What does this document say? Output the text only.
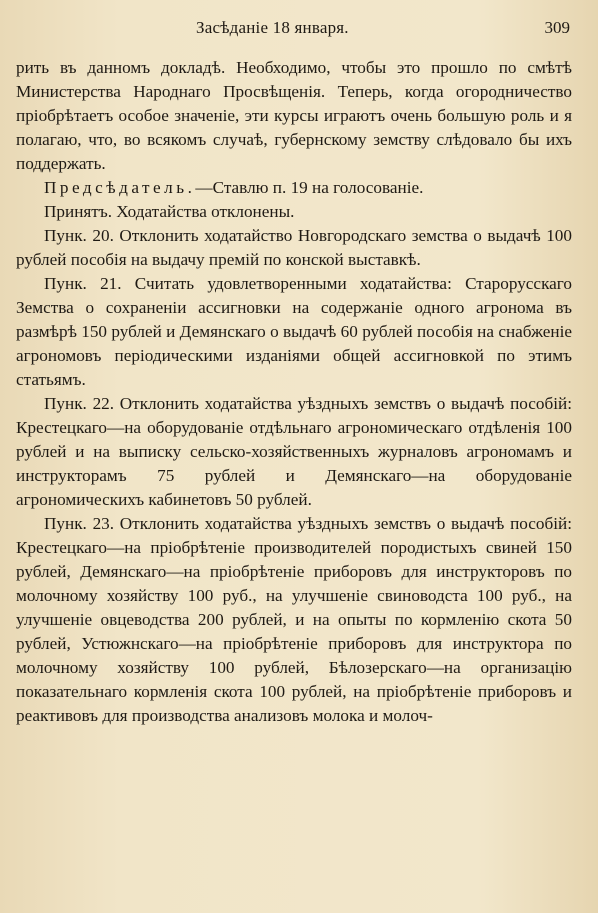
Засѣданіе 18 января.	309

рить въ данномъ докладѣ. Необходимо, чтобы это прошло по смѣтѣ Министерства Народнаго Просвѣщенія. Теперь, когда огородничество пріобрѣтаетъ особое значеніе, эти курсы играютъ очень большую роль и я полагаю, что, во всякомъ случаѣ, губернскому земству слѣдовало бы ихъ поддержать.

Предсѣдатель.—Ставлю п. 19 на голосованіе.

Принятъ. Ходатайства отклонены.

Пунк. 20. Отклонить ходатайство Новгородскаго земства о выдачѣ 100 рублей пособія на выдачу премій по конской выставкѣ.

Пунк. 21. Считать удовлетворенными ходатайства: Старорусскаго Земства о сохраненіи ассигновки на содержаніе одного агронома въ размѣрѣ 150 рублей и Демянскаго о выдачѣ 60 рублей пособія на снабженіе агрономовъ періодическими изданіями общей ассигновкой по этимъ статьямъ.

Пунк. 22. Отклонить ходатайства уѣздныхъ земствъ о выдачѣ пособій: Крестецкаго—на оборудованіе отдѣльнаго агрономическаго отдѣленія 100 рублей и на выписку сельско-хозяйственныхъ журналовъ агрономамъ и инструкторамъ 75 рублей и Демянскаго—на оборудованіе агрономическихъ кабинетовъ 50 рублей.

Пунк. 23. Отклонить ходатайства уѣздныхъ земствъ о выдачѣ пособій: Крестецкаго—на пріобрѣтеніе производителей породистыхъ свиней 150 рублей, Демянскаго—на пріобрѣтеніе приборовъ для инструкторовъ по молочному хозяйству 100 руб., на улучшеніе свиноводста 100 руб., на улучшеніе овцеводства 200 рублей, и на опыты по кормленію скота 50 рублей, Устюжнскаго—на пріобрѣтеніе приборовъ для инструктора по молочному хозяйству 100 рублей, Бѣлозерскаго—на организацію показательнаго кормленія скота 100 рублей, на пріобрѣтеніе приборовъ и реактивовъ для производства анализовъ молока и молоч-
